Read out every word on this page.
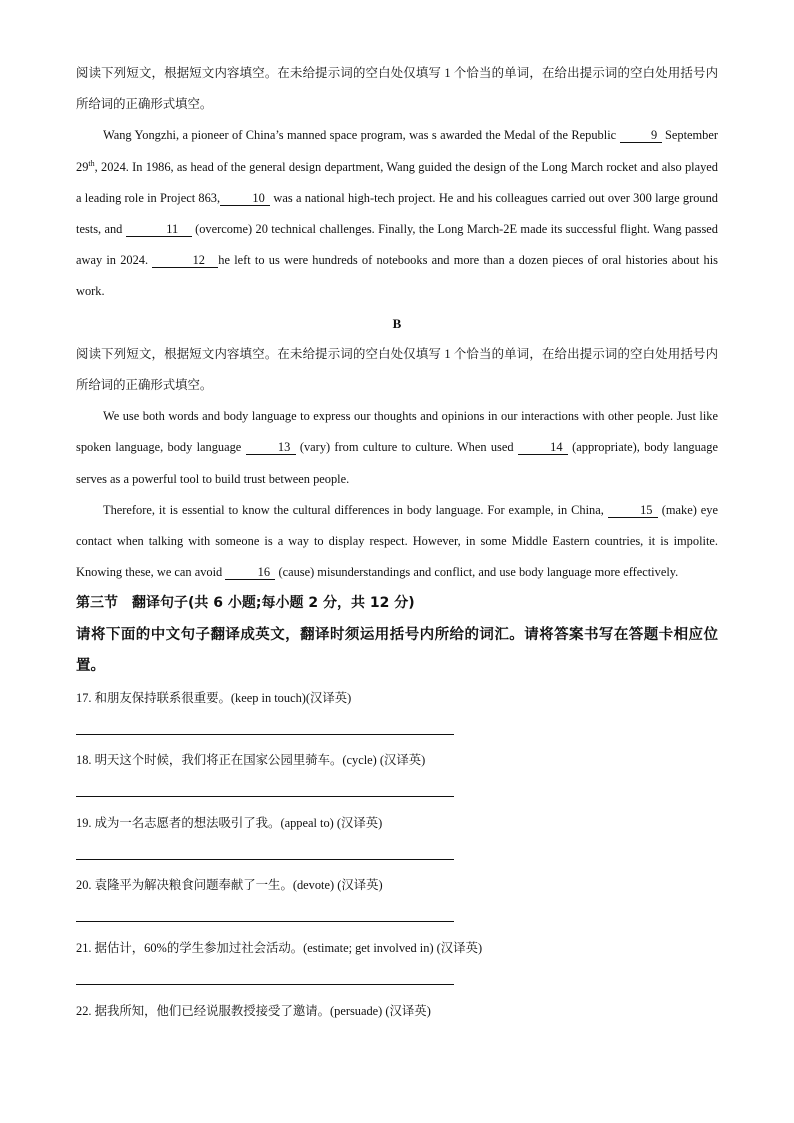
阅读下列短文，根据短文内容填空。在未给提示词的空白处仅填写 1 个恰当的单词，在给出提示词的空白处用括号内所给词的正确形式填空。

Wang Yongzhi, a pioneer of China’s manned space program, was s awarded the Medal of the Republic	9 September 29th, 2024. In 1986, as head of the general design department, Wang guided the design of the Long March rocket and also played a leading role in Project 863,	10 was a national high-tech project. He and his colleagues carried out over 300 large ground tests, and	11 (overcome) 20 technical challenges. Finally, the Long March-2E made its successful flight. Wang passed away in 2024.	12 he left to us were hundreds of notebooks and more than a dozen pieces of oral histories about his work.

B

阅读下列短文，根据短文内容填空。在未给提示词的空白处仅填写 1 个恰当的单词，在给出提示词的空白处用括号内所给词的正确形式填空。

We use both words and body language to express our thoughts and opinions in our interactions with other people. Just like spoken language, body language	13 (vary) from culture to culture. When used	14 (appropriate), body language serves as a powerful tool to build trust between people.

Therefore, it is essential to know the cultural differences in body language. For example, in China,	15 (make) eye contact when talking with someone is a way to display respect. However, in some Middle Eastern countries, it is impolite. Knowing these, we can avoid	16 (cause) misunderstandings and conflict, and use body language more effectively.

第三节　翻译句子(共 6 小题;每小题 2 分，共 12 分)

请将下面的中文句子翻译成英文，翻译时须运用括号内所给的词汇。请将答案书写在答题卡相应位置。

17. 和朋友保持联系很重要。(keep in touch)(汉译英)
18. 明天这个时候，我们将正在国家公园里骑车。(cycle) (汉译英)
19. 成为一名志愿者的想法吸引了我。(appeal to) (汉译英)
20. 袁隆平为解决粮食问题奉献了一生。(devote) (汉译英)
21. 据估计，60%的学生参加过社会活动。(estimate; get involved in) (汉译英)
22. 据我所知，他们已经说服教授接受了邀请。(persuade) (汉译英)
